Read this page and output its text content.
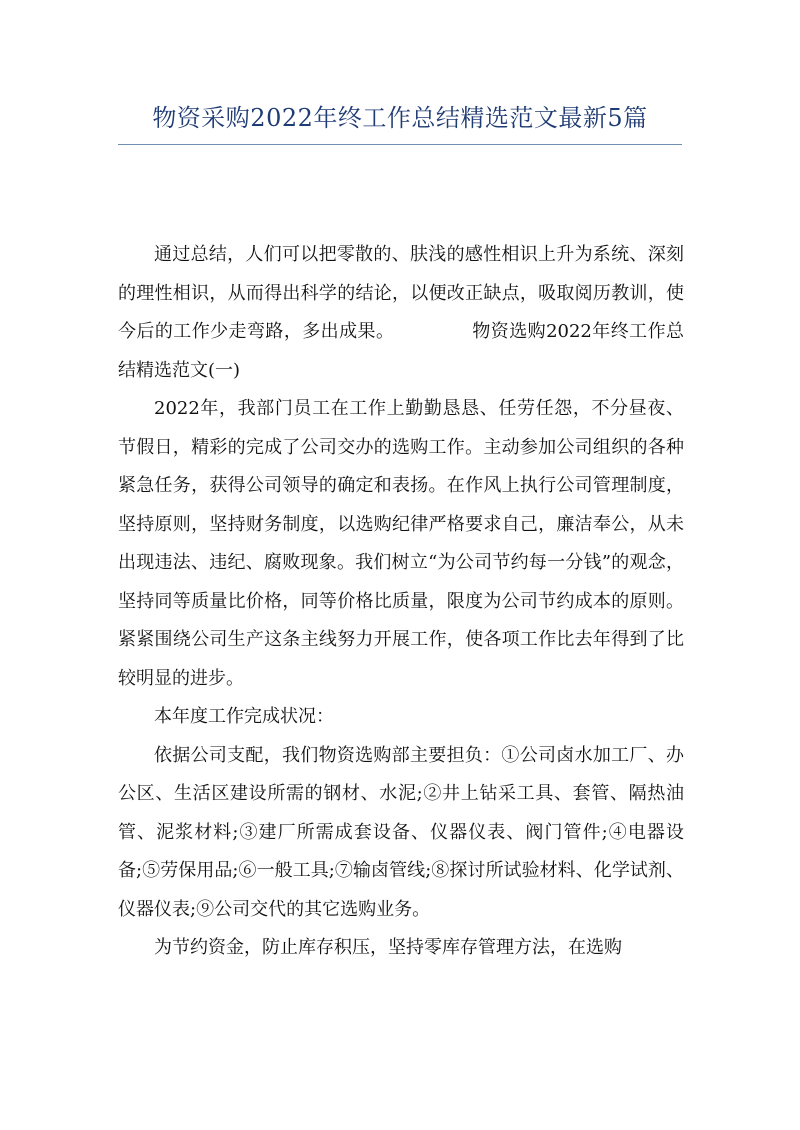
物资采购2022年终工作总结精选范文最新5篇

通过总结，人们可以把零散的、肤浅的感性相识上升为系统、深刻的理性相识，从而得出科学的结论，以便改正缺点，吸取阅历教训，使今后的工作少走弯路，多出成果。	物资选购2022年终工作总结精选范文(一)

2022年，我部门员工在工作上勤勤恳恳、任劳任怨，不分昼夜、节假日，精彩的完成了公司交办的选购工作。主动参加公司组织的各种紧急任务，获得公司领导的确定和表扬。在作风上执行公司管理制度，坚持原则，坚持财务制度，以选购纪律严格要求自己，廉洁奉公，从未出现违法、违纪、腐败现象。我们树立“为公司节约每一分钱”的观念，坚持同等质量比价格，同等价格比质量，限度为公司节约成本的原则。紧紧围绕公司生产这条主线努力开展工作，使各项工作比去年得到了比较明显的进步。

本年度工作完成状况：

依据公司支配，我们物资选购部主要担负：①公司卤水加工厂、办公区、生活区建设所需的钢材、水泥;②井上钻采工具、套管、隔热油管、泥浆材料;③建厂所需成套设备、仪器仪表、阀门管件;④电器设备;⑤劳保用品;⑥一般工具;⑦输卤管线;⑧探讨所试验材料、化学试剂、仪器仪表;⑨公司交代的其它选购业务。

为节约资金，防止库存积压，坚持零库存管理方法，在选购
